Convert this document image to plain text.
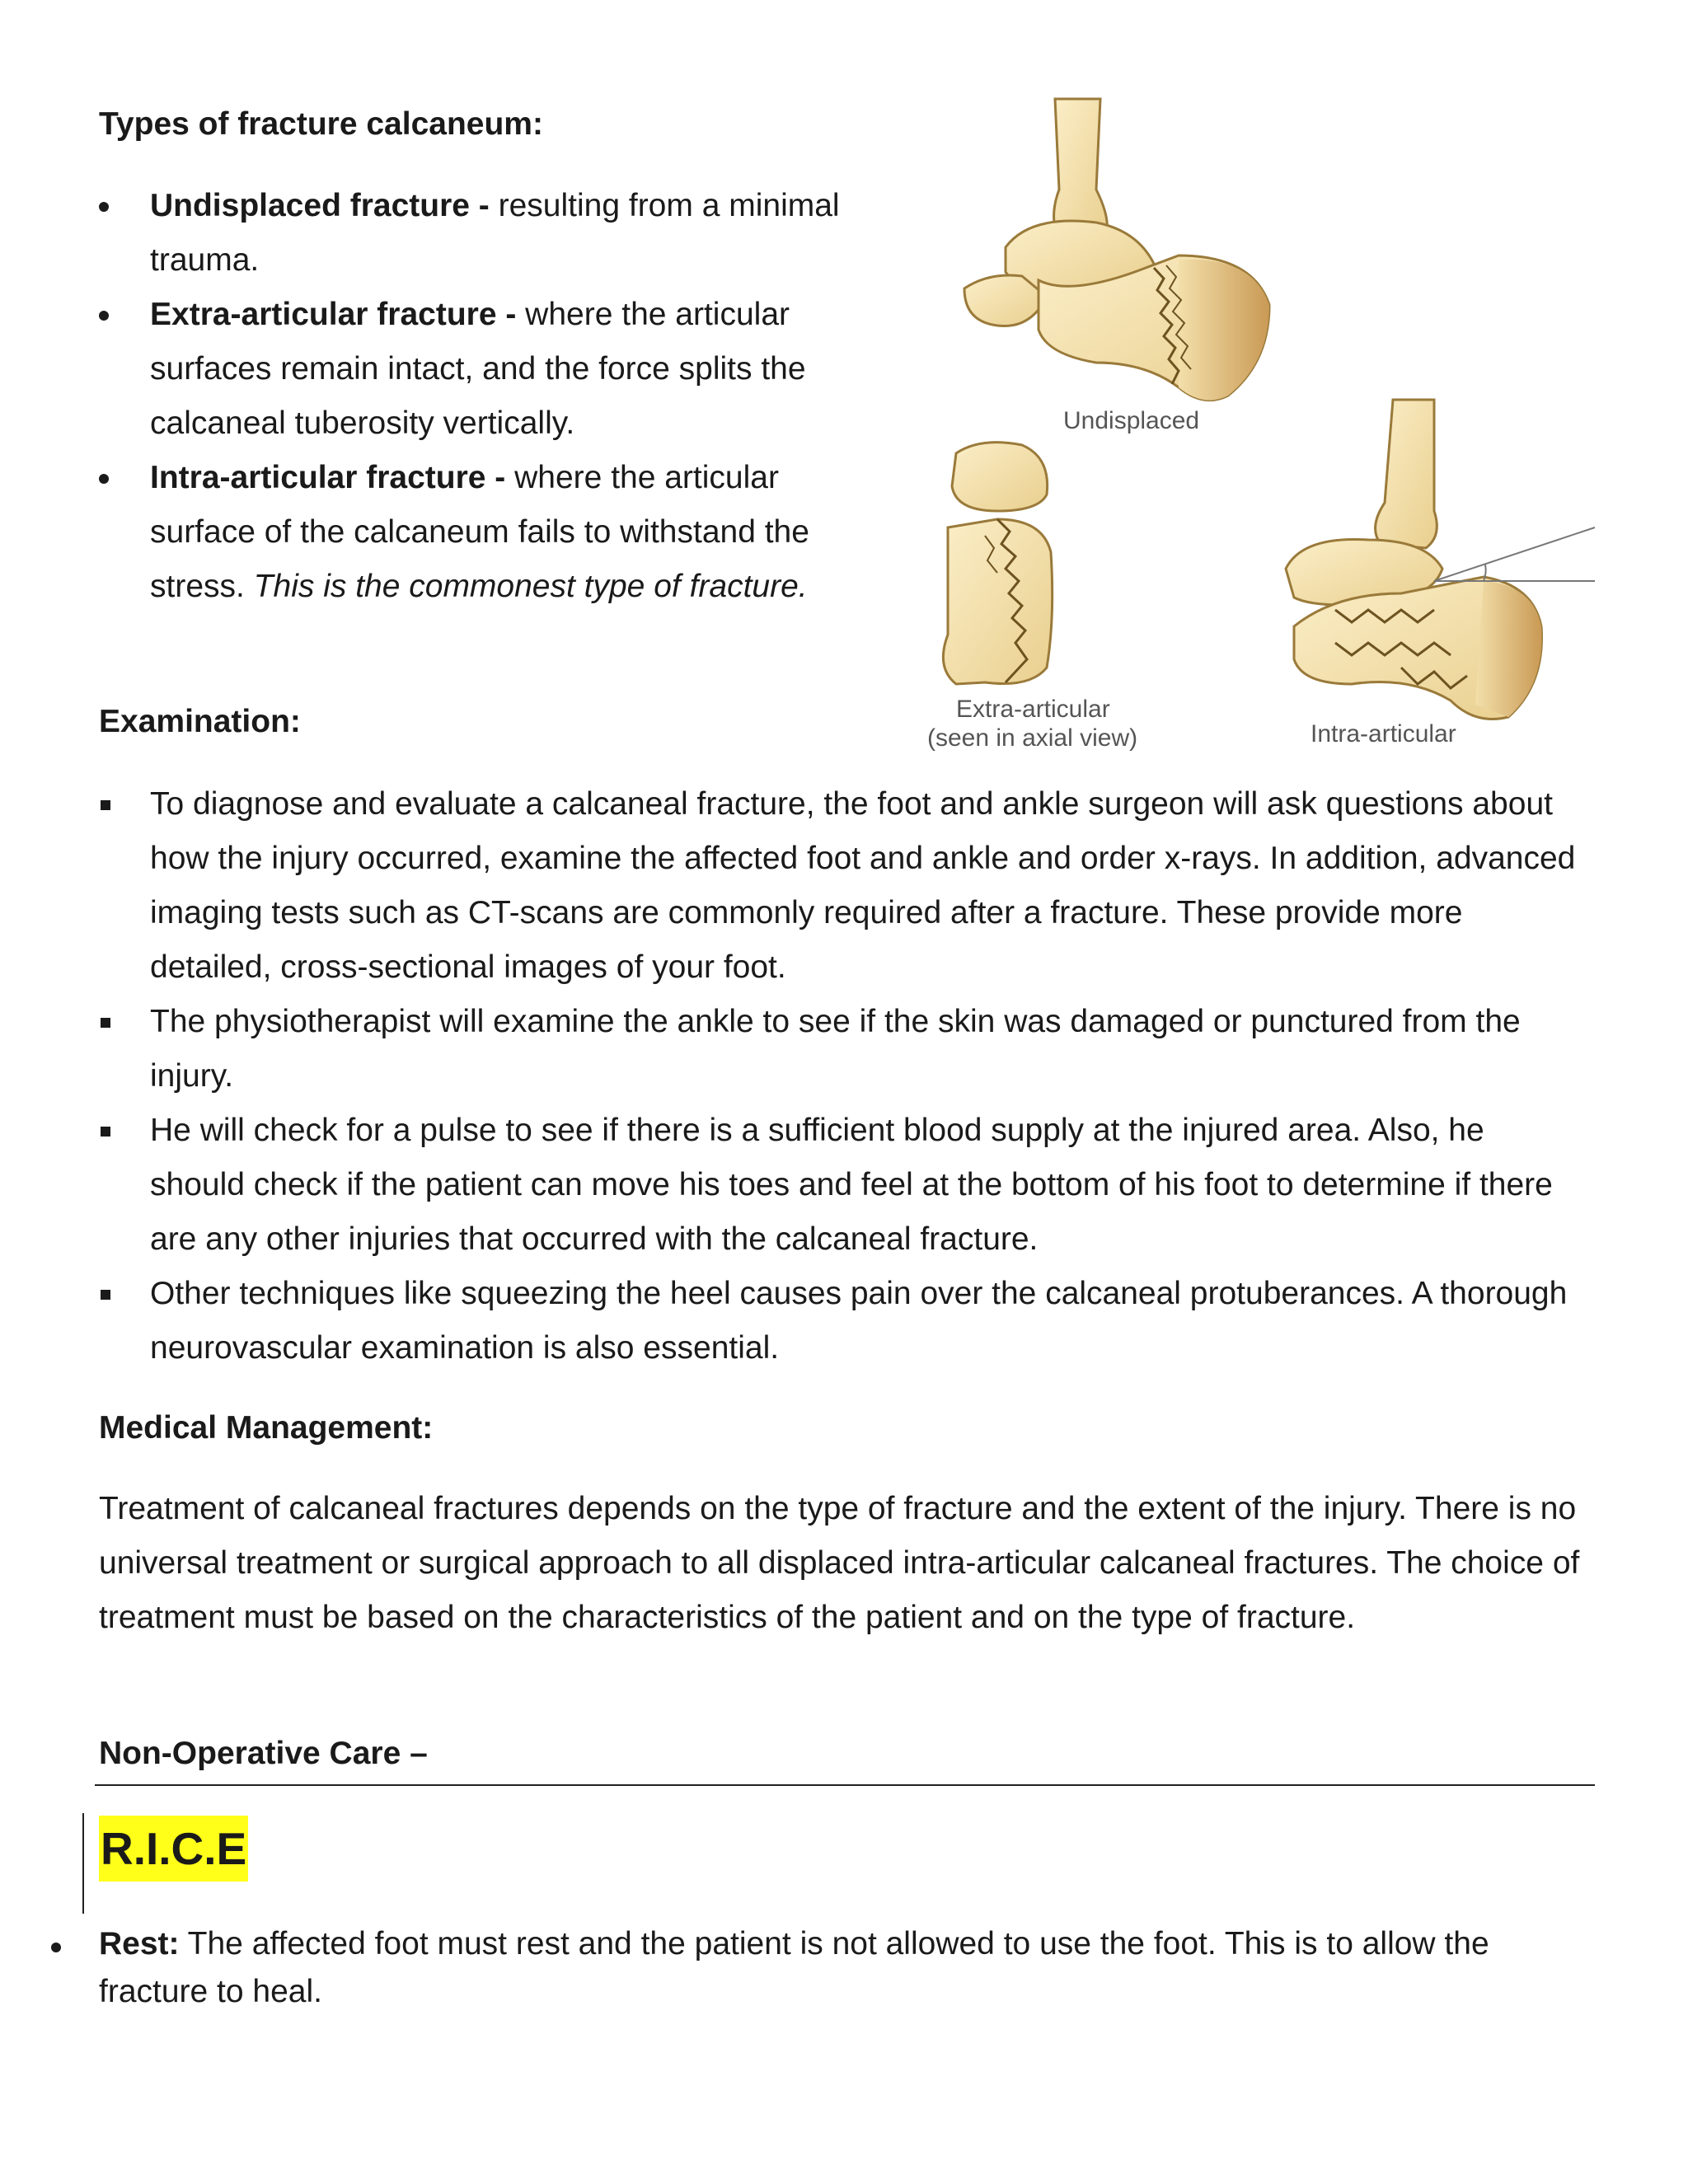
Types of fracture calcaneum:
Undisplaced fracture - resulting from a minimal trauma.
Extra-articular fracture - where the articular surfaces remain intact, and the force splits the calcaneal tuberosity vertically.
Intra-articular fracture - where the articular surface of the calcaneum fails to withstand the stress. This is the commonest type of fracture.
Undisplaced
Extra-articular
(seen in axial view)	Intra-articular
Examination:
To diagnose and evaluate a calcaneal fracture, the foot and ankle surgeon will ask questions about how the injury occurred, examine the affected foot and ankle and order x-rays. In addition, advanced imaging tests such as CT-scans are commonly required after a fracture. These provide more detailed, cross-sectional images of your foot.
The physiotherapist will examine the ankle to see if the skin was damaged or punctured from the injury.
He will check for a pulse to see if there is a sufficient blood supply at the injured area. Also, he should check if the patient can move his toes and feel at the bottom of his foot to determine if there are any other injuries that occurred with the calcaneal fracture.
Other techniques like squeezing the heel causes pain over the calcaneal protuberances. A thorough neurovascular examination is also essential.
Medical Management:

Treatment of calcaneal fractures depends on the type of fracture and the extent of the injury. There is no universal treatment or surgical approach to all displaced intra-articular calcaneal fractures. The choice of treatment must be based on the characteristics of the patient and on the type of fracture.

Non-Operative Care –
R.I.C.E
Rest: The affected foot must rest and the patient is not allowed to use the foot. This is to allow the fracture to heal.
